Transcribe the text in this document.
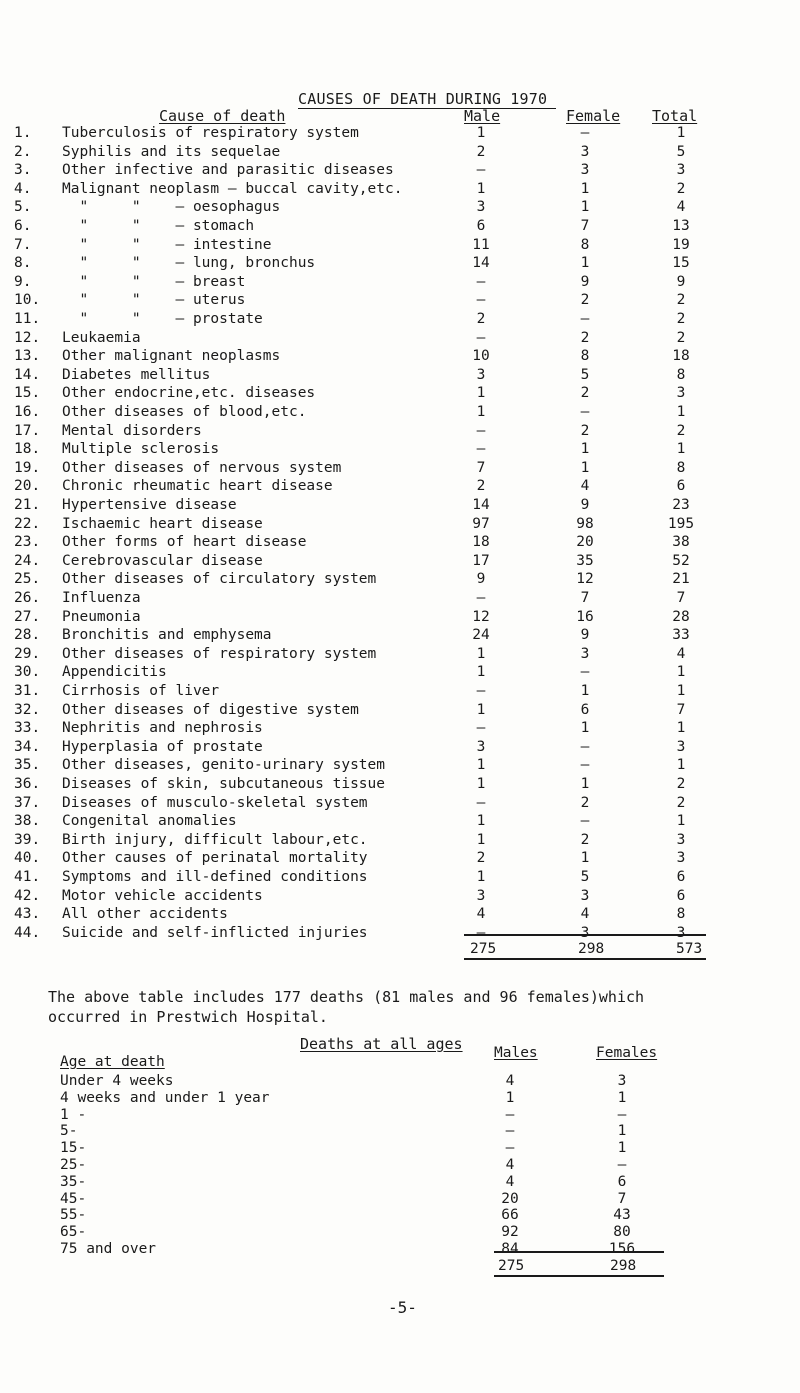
CAUSES OF DEATH DURING 1970
Cause of death	Male	Female Total
1.	Tuberculosis of respiratory system	1	–	1
2.	Syphilis and its sequelae	2	3	5
3.	Other infective and parasitic diseases	–	3	3
4.	Malignant neoplasm – buccal cavity,etc.	1	1	2
5.	"     "    – oesophagus	3	1	4
6.	"     "    – stomach	6	7	13
7.	"     "    – intestine	11	8	19
8.	"     "    – lung, bronchus	14	1	15
9.	"     "    – breast	–	9	9
10.	"     "    – uterus	–	2	2
11.	"     "    – prostate	2	–	2
12.	Leukaemia	–	2	2
13.	Other malignant neoplasms	10	8	18
14.	Diabetes mellitus	3	5	8
15.	Other endocrine,etc. diseases	1	2	3
16.	Other diseases of blood,etc.	1	–	1
17.	Mental disorders	–	2	2
18.	Multiple sclerosis	–	1	1
19.	Other diseases of nervous system	7	1	8
20.	Chronic rheumatic heart disease	2	4	6
21.	Hypertensive disease	14	9	23
22.	Ischaemic heart disease	97	98	195
23.	Other forms of heart disease	18	20	38
24.	Cerebrovascular disease	17	35	52
25.	Other diseases of circulatory system	9	12	21
26.	Influenza	–	7	7
27.	Pneumonia	12	16	28
28.	Bronchitis and emphysema	24	9	33
29.	Other diseases of respiratory system	1	3	4
30.	Appendicitis	1	–	1
31.	Cirrhosis of liver	–	1	1
32.	Other diseases of digestive system	1	6	7
33.	Nephritis and nephrosis	–	1	1
34.	Hyperplasia of prostate	3	–	3
35.	Other diseases, genito-urinary system	1	–	1
36.	Diseases of skin, subcutaneous tissue	1	1	2
37.	Diseases of musculo-skeletal system	–	2	2
38.	Congenital anomalies	1	–	1
39.	Birth injury, difficult labour,etc.	1	2	3
40.	Other causes of perinatal mortality	2	1	3
41.	Symptoms and ill-defined conditions	1	5	6
42.	Motor vehicle accidents	3	3	6
43.	All other accidents	4	4	8
44.	Suicide and self-inflicted injuries	–	3	3
275	298	573
The above table includes 177 deaths (81 males and 96 females)which
occurred in Prestwich Hospital.
Deaths at all ages
Age at death
Males	Females
Under 4 weeks	4	3
4 weeks and under 1 year	1	1
1 -	–	–
5-	–	1
15-	–	1
25-	4	–
35-	4	6
45-	20	7
55-	66	43
65-	92	80
75 and over	84	156
275	298
-5-
